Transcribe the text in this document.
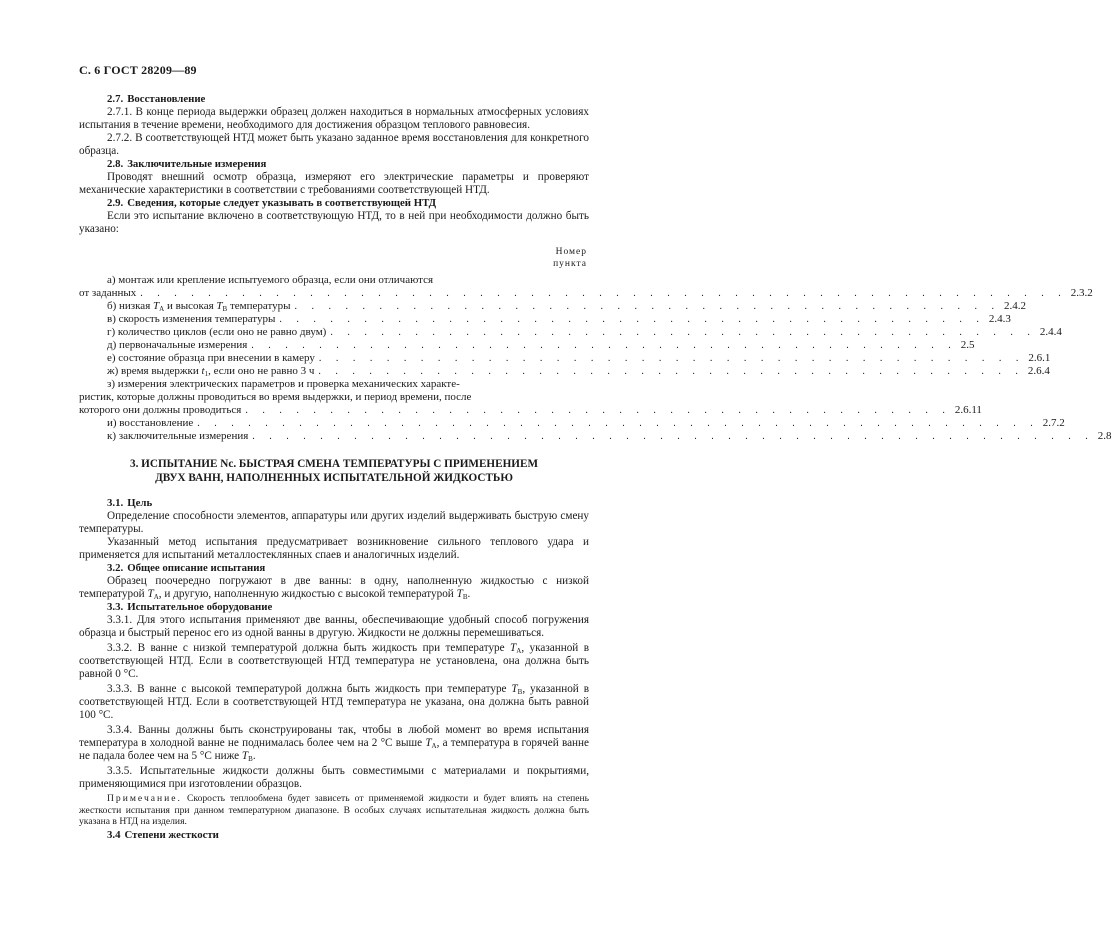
С. 6 ГОСТ 28209—89
2.7. Восстановление

2.7.1. В конце периода выдержки образец должен находиться в нормальных атмосферных условиях испытания в течение времени, необходимого для достижения образцом теплового равновесия.

2.7.2. В соответствующей НТД может быть указано заданное время восстановления для конкретного образца.

2.8. Заключительные измерения

Проводят внешний осмотр образца, измеряют его электрические параметры и проверяют механические характеристики в соответствии с требованиями соответствующей НТД.

2.9. Сведения, которые следует указывать в соответствующей НТД

Если это испытание включено в соответствующую НТД, то в ней при необходимости должно быть указано:

Номер
пункта
а) монтаж или крепление испытуемого образца, если они отличаются
от заданных . . . . . . . . . . . . . . . . . . . . . . . . . . . . . . . . . . . . . . . . . . . . . . . . . . . . . . . 2.3.2
б) низкая $T_А$ и высокая $T_В$ температуры . . . . . . . . . . . . . . . . . . . . . . . . . . . . . . . . . . . . . . . . . . 2.4.2
в) скорость изменения температуры . . . . . . . . . . . . . . . . . . . . . . . . . . . . . . . . . . . . . . . . . . 2.4.3
г) количество циклов (если оно не равно двум) . . . . . . . . . . . . . . . . . . . . . . . . . . . . . . . . . . . . . . . . . . 2.4.4
д) первоначальные измерения . . . . . . . . . . . . . . . . . . . . . . . . . . . . . . . . . . . . . . . . . . 2.5
е) состояние образца при внесении в камеру . . . . . . . . . . . . . . . . . . . . . . . . . . . . . . . . . . . . . . . . . . 2.6.1
ж) время выдержки $t_1$, если оно не равно 3 ч . . . . . . . . . . . . . . . . . . . . . . . . . . . . . . . . . . . . . . . . . . 2.6.4
з) измерения электрических параметров и проверка механических характе-
ристик, которые должны проводиться во время выдержки, и период времени, после
которого они должны проводиться . . . . . . . . . . . . . . . . . . . . . . . . . . . . . . . . . . . . . . . . . . 2.6.11
и) восстановление . . . . . . . . . . . . . . . . . . . . . . . . . . . . . . . . . . . . . . . . . . . . . . . . . . 2.7.2
к) заключительные измерения . . . . . . . . . . . . . . . . . . . . . . . . . . . . . . . . . . . . . . . . . . . . . . . . . . 2.8
3. ИСПЫТАНИЕ Nc. БЫСТРАЯ СМЕНА ТЕМПЕРАТУРЫ С ПРИМЕНЕНИЕМ
ДВУХ ВАНН, НАПОЛНЕННЫХ ИСПЫТАТЕЛЬНОЙ ЖИДКОСТЬЮ
3.1. Цель

Определение способности элементов, аппаратуры или других изделий выдерживать быструю смену температуры.

Указанный метод испытания предусматривает возникновение сильного теплового удара и применяется для испытаний металлостеклянных спаев и аналогичных изделий.

3.2. Общее описание испытания

Образец поочередно погружают в две ванны: в одну, наполненную жидкостью с низкой температурой $T_А$, и другую, наполненную жидкостью с высокой температурой $T_В$.

3.3. Испытательное оборудование

3.3.1. Для этого испытания применяют две ванны, обеспечивающие удобный способ погружения образца и быстрый перенос его из одной ванны в другую. Жидкости не должны перемешиваться.

3.3.2. В ванне с низкой температурой должна быть жидкость при температуре $T_А$, указанной в соответствующей НТД. Если в соответствующей НТД температура не установлена, она должна быть равной 0 °С.

3.3.3. В ванне с высокой температурой должна быть жидкость при температуре $T_В$, указанной в соответствующей НТД. Если в соответствующей НТД температура не указана, она должна быть равной 100 °С.

3.3.4. Ванны должны быть сконструированы так, чтобы в любой момент во время испытания температура в холодной ванне не поднималась более чем на 2 °С выше $T_А$, а температура в горячей ванне не падала более чем на 5 °С ниже $T_В$.

3.3.5. Испытательные жидкости должны быть совместимыми с материалами и покрытиями, применяющимися при изготовлении образцов.

Примечание. Скорость теплообмена будет зависеть от применяемой жидкости и будет влиять на степень жесткости испытания при данном температурном диапазоне. В особых случаях испытательная жидкость должна быть указана в НТД на изделия.
3.4 Степени жесткости
